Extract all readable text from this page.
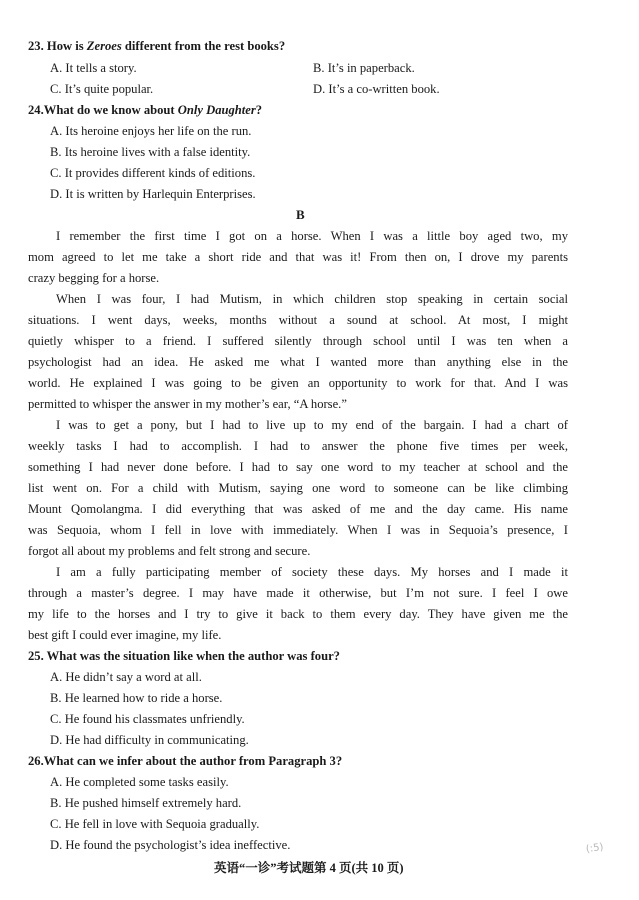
23. How is Zeroes different from the rest books?
A. It tells a story.	B. It’s in paperback.
C. It’s quite popular.	D. It’s a co-written book.
24.What do we know about Only Daughter?
A. Its heroine enjoys her life on the run.
B. Its heroine lives with a false identity.
C. It provides different kinds of editions.
D. It is written by Harlequin Enterprises.
B
I remember the first time I got on a horse. When I was a little boy aged two, my
mom agreed to let me take a short ride and that was it! From then on, I drove my parents
crazy begging for a horse.
When I was four, I had Mutism, in which children stop speaking in certain social
situations. I went days, weeks, months without a sound at school. At most, I might
quietly whisper to a friend. I suffered silently through school until I was ten when a
psychologist had an idea. He asked me what I wanted more than anything else in the
world. He explained I was going to be given an opportunity to work for that. And I was
permitted to whisper the answer in my mother’s ear, “A horse.”
I was to get a pony, but I had to live up to my end of the bargain. I had a chart of
weekly tasks I had to accomplish. I had to answer the phone five times per week,
something I had never done before. I had to say one word to my teacher at school and the
list went on. For a child with Mutism, saying one word to someone can be like climbing
Mount Qomolangma. I did everything that was asked of me and the day came. His name
was Sequoia, whom I fell in love with immediately. When I was in Sequoia’s presence, I
forgot all about my problems and felt strong and secure.
I am a fully participating member of society these days. My horses and I made it
through a master’s degree. I may have made it otherwise, but I’m not sure. I feel I owe
my life to the horses and I try to give it back to them every day. They have given me the
best gift I could ever imagine, my life.
25. What was the situation like when the author was four?
A. He didn’t say a word at all.
B. He learned how to ride a horse.
C. He found his classmates unfriendly.
D. He had difficulty in communicating.
26.What can we infer about the author from Paragraph 3?
A. He completed some tasks easily.
B. He pushed himself extremely hard.
C. He fell in love with Sequoia gradually.
D. He found the psychologist’s idea ineffective.
英语“一诊”考试题第 4 页(共 10 页)
(:5)
